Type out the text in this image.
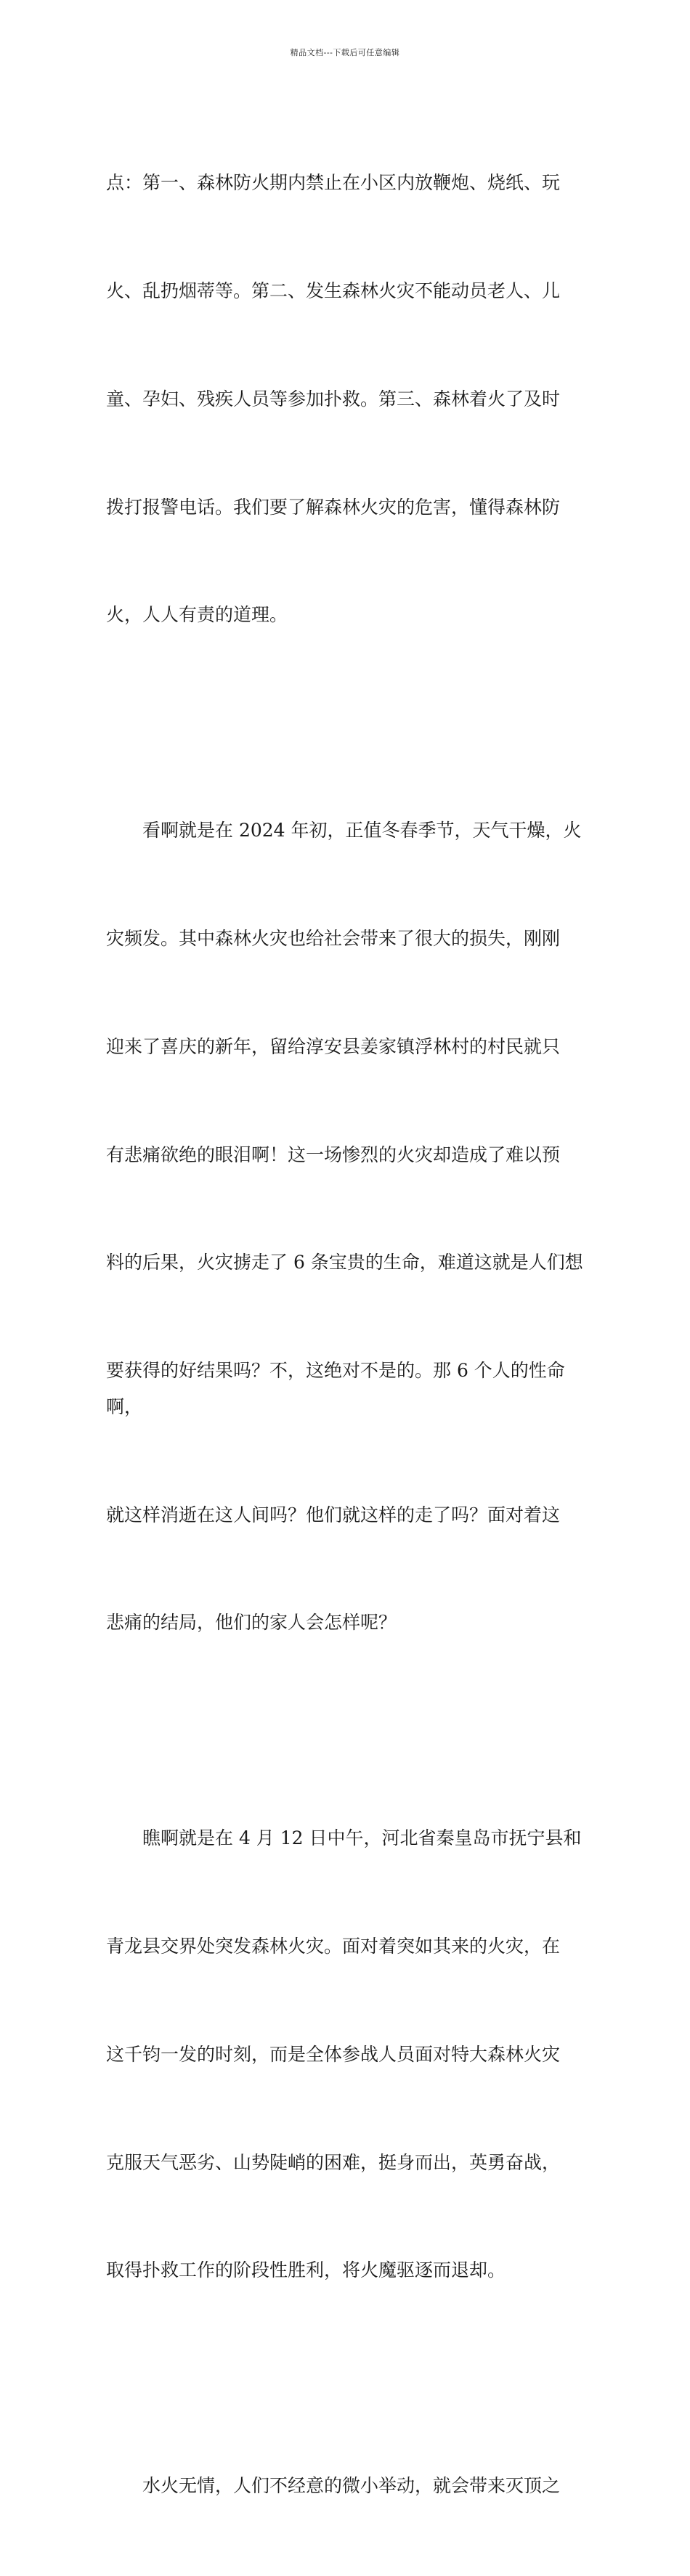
精品文档---下载后可任意编辑

点：第一、森林防火期内禁止在小区内放鞭炮、烧纸、玩

火、乱扔烟蒂等。第二、发生森林火灾不能动员老人、儿

童、孕妇、残疾人员等参加扑救。第三、森林着火了及时

拨打报警电话。我们要了解森林火灾的危害，懂得森林防

火，人人有责的道理。

　　看啊就是在 2024 年初，正值冬春季节，天气干燥，火

灾频发。其中森林火灾也给社会带来了很大的损失，刚刚

迎来了喜庆的新年，留给淳安县姜家镇浮林村的村民就只

有悲痛欲绝的眼泪啊！这一场惨烈的火灾却造成了难以预

料的后果，火灾掳走了 6 条宝贵的生命，难道这就是人们想

要获得的好结果吗？不，这绝对不是的。那 6 个人的性命啊，

就这样消逝在这人间吗？他们就这样的走了吗？面对着这

悲痛的结局，他们的家人会怎样呢？

　　瞧啊就是在 4 月 12 日中午，河北省秦皇岛市抚宁县和

青龙县交界处突发森林火灾。面对着突如其来的火灾，在

这千钧一发的时刻，而是全体参战人员面对特大森林火灾

克服天气恶劣、山势陡峭的困难，挺身而出，英勇奋战，

取得扑救工作的阶段性胜利，将火魔驱逐而退却。

　　水火无情，人们不经意的微小举动，就会带来灭顶之
